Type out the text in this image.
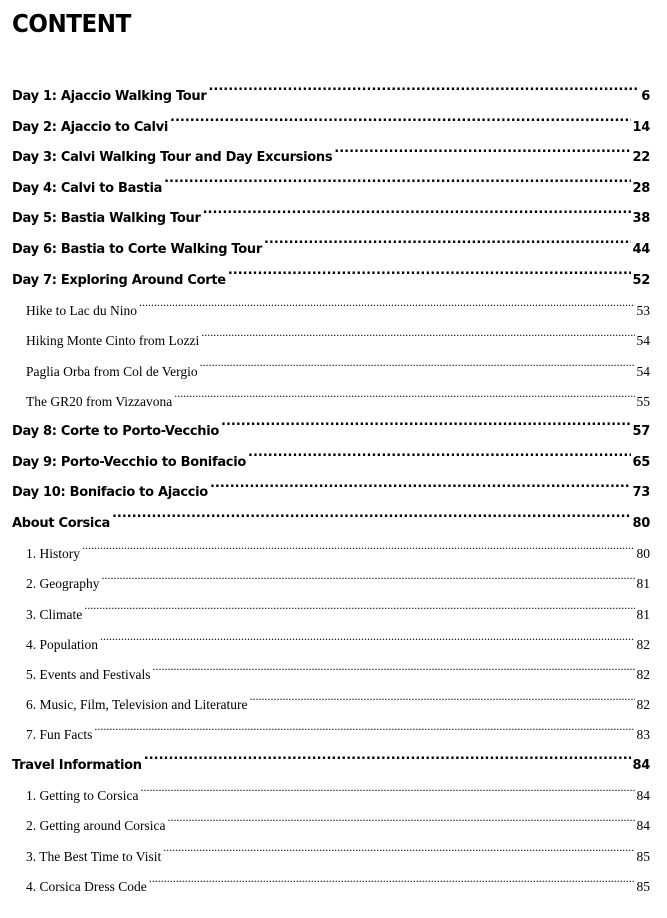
CONTENT
Day 1: Ajaccio Walking Tour .....	6
Day 2: Ajaccio to Calvi .....	14
Day 3: Calvi Walking Tour and Day Excursions .....	22
Day 4: Calvi to Bastia .....	28
Day 5: Bastia Walking Tour .....	38
Day 6: Bastia to Corte Walking Tour .....	44
Day 7: Exploring Around Corte .....	52
Hike to Lac du Nino .....	53
Hiking Monte Cinto from Lozzi .....	54
Paglia Orba from Col de Vergio .....	54
The GR20 from Vizzavona .....	55
Day 8: Corte to Porto-Vecchio .....	57
Day 9: Porto-Vecchio to Bonifacio .....	65
Day 10: Bonifacio to Ajaccio .....	73
About Corsica .....	80
1. History .....	80
2. Geography .....	81
3. Climate .....	81
4. Population .....	82
5. Events and Festivals .....	82
6. Music, Film, Television and Literature .....	82
7. Fun Facts .....	83
Travel Information .....	84
1. Getting to Corsica .....	84
2. Getting around Corsica .....	84
3. The Best Time to Visit .....	85
4. Corsica Dress Code .....	85
